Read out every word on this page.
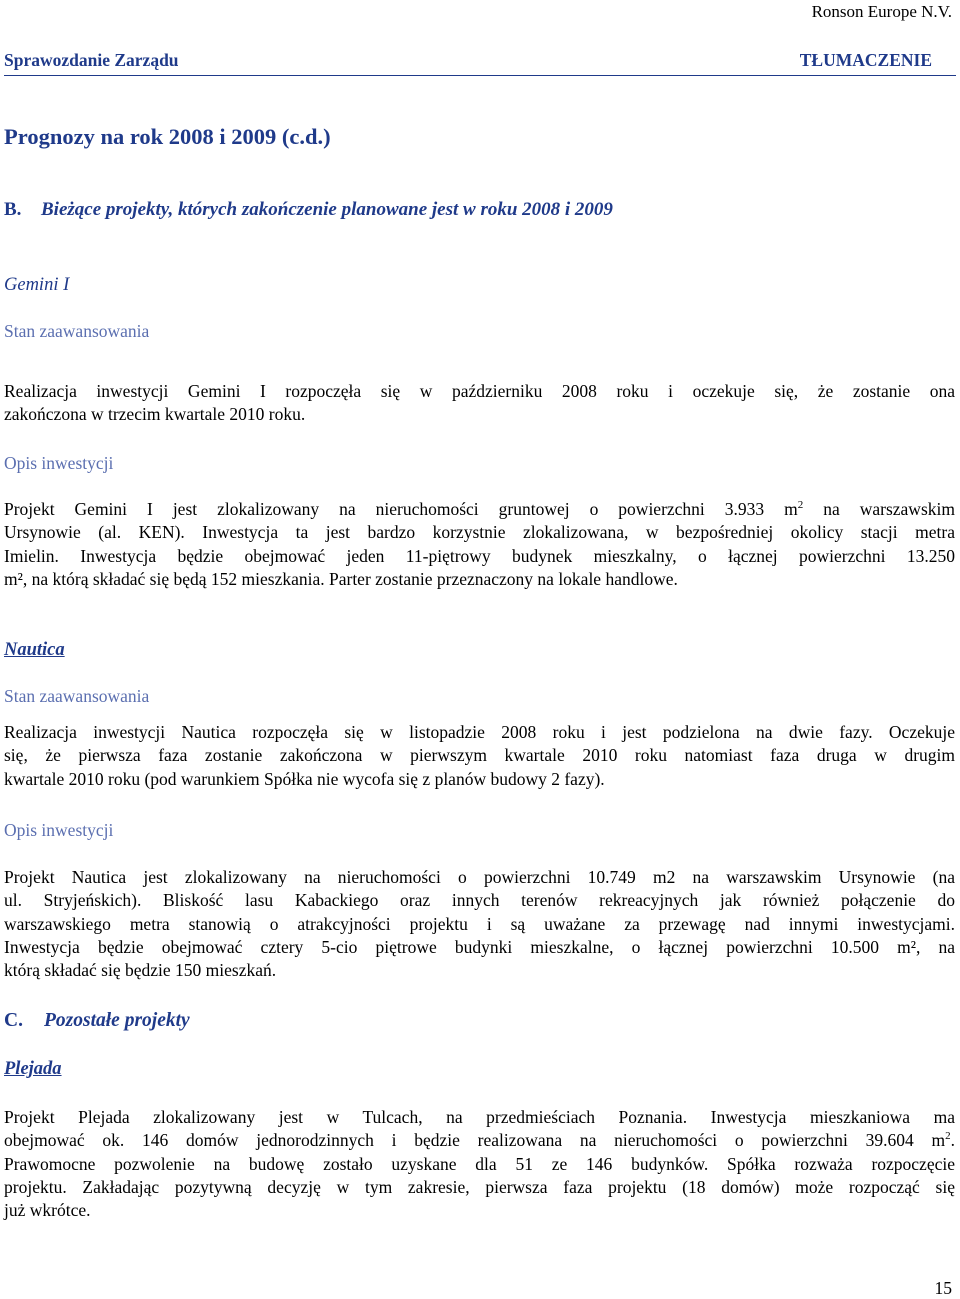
Ronson Europe N.V.
Sprawozdanie Zarządu	TŁUMACZENIE
Prognozy na rok 2008 i 2009 (c.d.)
B. Bieżące projekty, których zakończenie planowane jest w roku 2008 i 2009
Gemini I
Stan zaawansowania
Realizacja inwestycji Gemini I rozpoczęła się w październiku 2008 roku i oczekuje się, że zostanie ona
zakończona w trzecim kwartale 2010 roku.
Opis inwestycji
Projekt Gemini I jest zlokalizowany na nieruchomości gruntowej o powierzchni 3.933 $m^2$ na warszawskim
Ursynowie (al. KEN). Inwestycja ta jest bardzo korzystnie zlokalizowana, w bezpośredniej okolicy stacji metra
Imielin. Inwestycja będzie obejmować jeden 11-piętrowy budynek mieszkalny, o łącznej powierzchni 13.250
m², na którą składać się będą 152 mieszkania. Parter zostanie przeznaczony na lokale handlowe.
Nautica
Stan zaawansowania
Realizacja inwestycji Nautica rozpoczęła się w listopadzie 2008 roku i jest podzielona na dwie fazy. Oczekuje
się, że pierwsza faza zostanie zakończona w pierwszym kwartale 2010 roku natomiast faza druga w drugim
kwartale 2010 roku (pod warunkiem Spółka nie wycofa się z planów budowy 2 fazy).
Opis inwestycji
Projekt Nautica jest zlokalizowany na nieruchomości o powierzchni 10.749 m2 na warszawskim Ursynowie (na
ul. Stryjeńskich). Bliskość lasu Kabackiego oraz innych terenów rekreacyjnych jak również połączenie do
warszawskiego metra stanowią o atrakcyjności projektu i są uważane za przewagę nad innymi inwestycjami.
Inwestycja będzie obejmować cztery 5-cio piętrowe budynki mieszkalne, o łącznej powierzchni 10.500 m², na
którą składać się będzie 150 mieszkań.
C. Pozostałe projekty
Plejada
Projekt Plejada zlokalizowany jest w Tulcach, na przedmieściach Poznania. Inwestycja mieszkaniowa ma
obejmować ok. 146 domów jednorodzinnych i będzie realizowana na nieruchomości o powierzchni 39.604 $m^2$.
Prawomocne pozwolenie na budowę zostało uzyskane dla 51 ze 146 budynków. Spółka rozważa rozpoczęcie
projektu. Zakładając pozytywną decyzję w tym zakresie, pierwsza faza projektu (18 domów) może rozpocząć się
już wkrótce.
15
